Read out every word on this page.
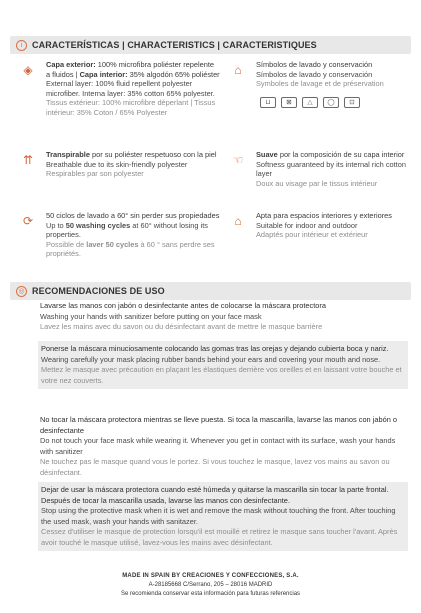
i	CARACTERÍSTICAS | CHARACTERISTICS | CARACTERISTIQUES
◈	Capa exterior: 100% microfibra poliéster repelente a fluidos | Capa interior: 35% algodón 65% poliéster
External layer: 100% fluid repellent polyester microfiber. Interna layer: 35% cotton 65% polyester.
Tissus extérieur: 100% microfibre déperlant | Tissus intérieur: 35% Coton / 65% Polyester
⌂	Símbolos de lavado y conservación
Símbolos de lavado y conservación
Symboles de lavage et de préservation
⊔	⊠	△	◯	⊡
⇈	Transpirable por su poliéster respetuoso con la piel
Breathable due to its skin-friendly polyester
Respirables par son polyester
☜	Suave por la composición de su capa interior
Softness guaranteed by its internal rich cotton layer
Doux au visage par le tissus intérieur
⟳	50 ciclos de lavado a 60° sin perder sus propiedades
Up to 50 washing cycles at 60° without losing its properties.
Possible de laver 50 cycles à 60 ° sans perdre ses propriétés.
⌂	Apta para espacios interiores y exteriores
Suitable for indoor and outdoor
Adaptés pour intérieur et extérieur
◎ RECOMENDACIONES DE USO
Lavarse las manos con jabón o desinfectante antes de colocarse la máscara protectora
Washing your hands with sanitizer before putting on your face mask
Lavez les mains avec du savon ou du désinfectant avant de mettre le masque barrière
Ponerse la máscara minuciosamente colocando las gomas tras las orejas y dejando cubierta boca y nariz.
Wearing carefully your mask placing rubber bands behind your ears and covering your mouth and nose.
Mettez le masque avec précaution en plaçant les élastiques derrière vos oreilles et en laissant votre bouche et votre nez couverts.
No tocar la máscara protectora mientras se lleve puesta. Si toca la mascarilla, lavarse las manos con jabón o desinfectante
Do not touch your face mask while wearing it. Whenever you get in contact with its surface, wash your hands with sanitizer
Ne touchez pas le masque quand vous le portez. Si vous touchez le masque, lavez vos mains au savon ou désinfectant.
Dejar de usar la máscara protectora cuando esté húmeda y quitarse la mascarilla sin tocar la parte frontal. Después de tocar la mascarilla usada, lavarse las manos con desinfectante.
Stop using the protective mask when it is wet and remove the mask without touching the front. After touching the used mask, wash your hands with sanitazer.
Cessez d'utiliser le masque de protection lorsqu'il est mouillé et retirez le masque sans toucher l'avant. Après avoir touché le masque utilisé, lavez-vous les mains avec désinfectant.
MADE IN SPAIN BY CREACIONES Y CONFECCIONES, S.A.
A-28185668 C/Serrano, 205 – 28016 MADRID
Se recomienda conservar esta información para futuras referencias
